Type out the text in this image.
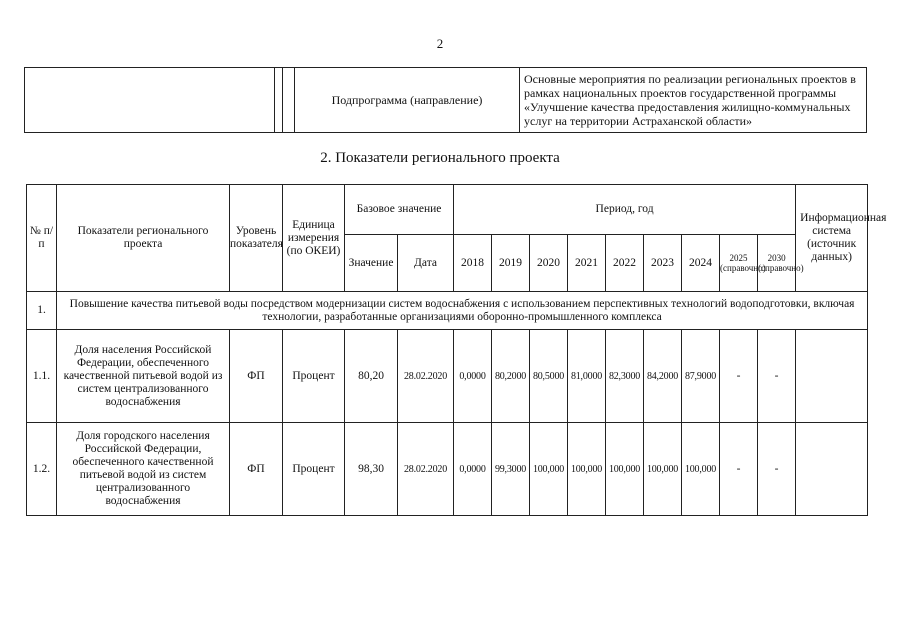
2
			Подпрограмма (направление)	Основные мероприятия по реализации региональных проектов в рамках национальных проектов государственной программы «Улучшение качества предоставления жилищно-коммунальных услуг на территории Астраханской области»
2. Показатели регионального проекта
№ п/п	Показатели регионального проекта	Уровень показателя	Единица измерения (по ОКЕИ)	Базовое значение		Период, год									Информационная система (источник данных)
				Значение	Дата	2018	2019	2020	2021	2022	2023	2024	2025 (справочно)	2030 (справочно)	
1.	Повышение качества питьевой воды посредством модернизации систем водоснабжения с использованием перспективных технологий водоподготовки, включая технологии, разработанные организациями оборонно-промышленного комплекса														
1.1.	Доля населения Российской Федерации, обеспеченного качественной питьевой водой из систем централизованного водоснабжения	ФП	Процент	80,20	28.02.2020	0,0000	80,2000	80,5000	81,0000	82,3000	84,2000	87,9000	-	-	
1.2.	Доля городского населения Российской Федерации, обеспеченного качественной питьевой водой из систем централизованного водоснабжения	ФП	Процент	98,30	28.02.2020	0,0000	99,3000	100,000	100,000	100,000	100,000	100,000	-	-	
